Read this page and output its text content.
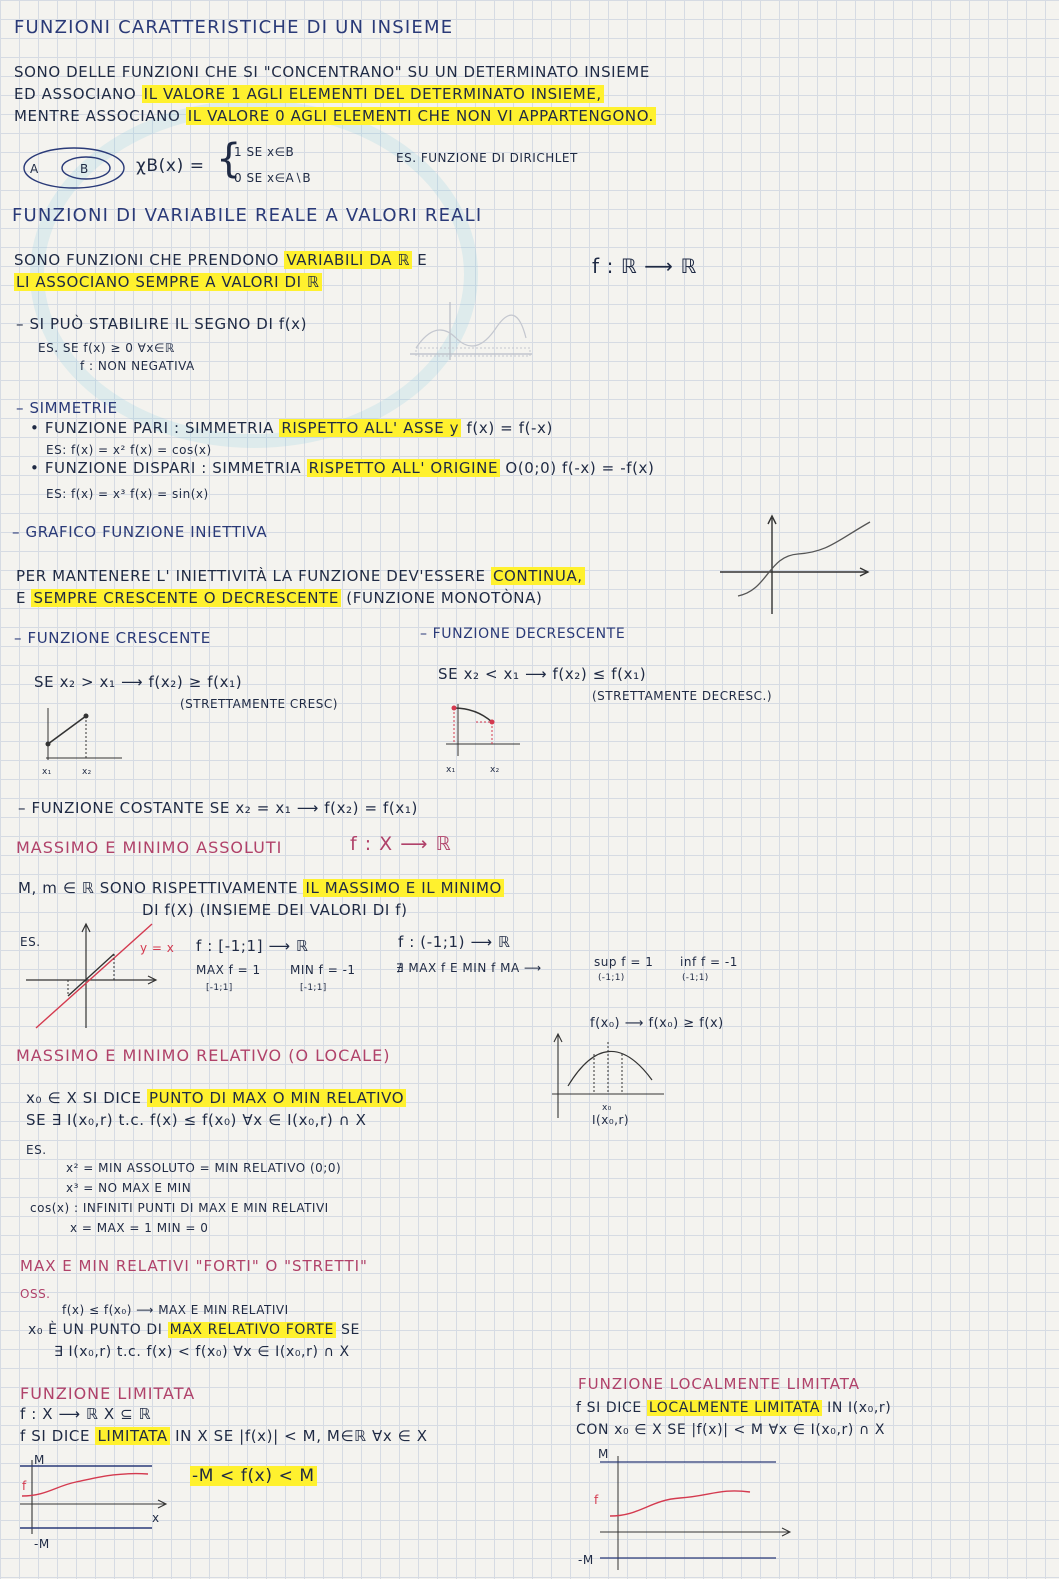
FUNZIONI CARATTERISTICHE DI UN INSIEME
SONO DELLE FUNZIONI CHE SI "CONCENTRANO" SU UN DETERMINATO INSIEME
ED ASSOCIANO IL VALORE 1 AGLI ELEMENTI DEL DETERMINATO INSIEME,
MENTRE ASSOCIANO IL VALORE 0 AGLI ELEMENTI CHE NON VI APPARTENGONO.
A	B	χB(x) = {
1 SE x∈B
0 SE x∈A∖B
ES. FUNZIONE DI DIRICHLET
FUNZIONI DI VARIABILE REALE A VALORI REALI
SONO FUNZIONI CHE PRENDONO VARIABILI DA ℝ E
LI ASSOCIANO SEMPRE A VALORI DI ℝ
f : ℝ ⟶ ℝ
– SI PUÒ STABILIRE IL SEGNO DI f(x)
ES. SE f(x) ≥ 0 ∀x∈ℝ
f : NON NEGATIVA
– SIMMETRIE
• FUNZIONE PARI : SIMMETRIA RISPETTO ALL' ASSE y f(x) = f(-x)
ES: f(x) = x² f(x) = cos(x)
• FUNZIONE DISPARI : SIMMETRIA RISPETTO ALL' ORIGINE O(0;0) f(-x) = -f(x)
ES: f(x) = x³ f(x) = sin(x)
– GRAFICO FUNZIONE INIETTIVA
PER MANTENERE L' INIETTIVITÀ LA FUNZIONE DEV'ESSERE CONTINUA,
E SEMPRE CRESCENTE O DECRESCENTE (FUNZIONE MONOTÒNA)
– FUNZIONE CRESCENTE
SE x₂ > x₁ ⟶ f(x₂) ≥ f(x₁)
(STRETTAMENTE CRESC)
x₁	x₂
– FUNZIONE DECRESCENTE
SE x₂ < x₁ ⟶ f(x₂) ≤ f(x₁)
(STRETTAMENTE DECRESC.)
x₁	x₂
– FUNZIONE COSTANTE SE x₂ = x₁ ⟶ f(x₂) = f(x₁)
MASSIMO E MINIMO ASSOLUTI	f : X ⟶ ℝ
M, m ∈ ℝ SONO RISPETTIVAMENTE IL MASSIMO E IL MINIMO
DI f(X) (INSIEME DEI VALORI DI f)
ES.	y = x f : [-1;1] ⟶ ℝ
MAX f = 1 MIN f = -1
[-1;1]	[-1;1]
f : (-1;1) ⟶ ℝ
∄ MAX f E MIN f MA ⟶	sup f = 1 inf f = -1
(-1;1)	(-1;1)
f(x₀) ⟶ f(x₀) ≥ f(x)
x₀
I(x₀,r)
MASSIMO E MINIMO RELATIVO (O LOCALE)
x₀ ∈ X SI DICE PUNTO DI MAX O MIN RELATIVO
SE ∃ I(x₀,r) t.c. f(x) ≤ f(x₀) ∀x ∈ I(x₀,r) ∩ X
ES.
x² = MIN ASSOLUTO = MIN RELATIVO (0;0)
x³ = NO MAX E MIN
cos(x) : INFINITI PUNTI DI MAX E MIN RELATIVI
x = MAX = 1 MIN = 0
MAX E MIN RELATIVI "FORTI" O "STRETTI"
OSS.
f(x) ≤ f(x₀) ⟶ MAX E MIN RELATIVI
x₀ È UN PUNTO DI MAX RELATIVO FORTE SE
∃ I(x₀,r) t.c. f(x) < f(x₀) ∀x ∈ I(x₀,r) ∩ X
FUNZIONE LIMITATA
f : X ⟶ ℝ X ⊆ ℝ
f SI DICE LIMITATA IN X SE |f(x)| < M, M∈ℝ ∀x ∈ X
M
f
x
-M
-M < f(x) < M
FUNZIONE LOCALMENTE LIMITATA
f SI DICE LOCALMENTE LIMITATA IN I(x₀,r)
CON x₀ ∈ X SE |f(x)| < M ∀x ∈ I(x₀,r) ∩ X
M
f
-M
